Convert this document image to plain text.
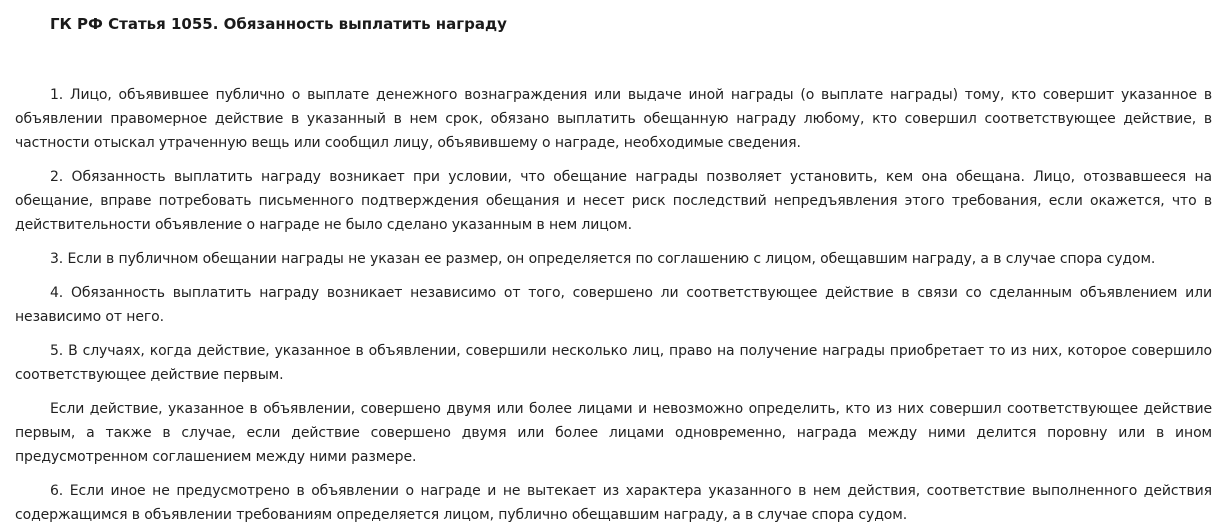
ГК РФ Статья 1055. Обязанность выплатить награду

1. Лицо, объявившее публично о выплате денежного вознаграждения или выдаче иной награды (о выплате награды) тому, кто совершит указанное в объявлении правомерное действие в указанный в нем срок, обязано выплатить обещанную награду любому, кто совершил соответствующее действие, в частности отыскал утраченную вещь или сообщил лицу, объявившему о награде, необходимые сведения.

2. Обязанность выплатить награду возникает при условии, что обещание награды позволяет установить, кем она обещана. Лицо, отозвавшееся на обещание, вправе потребовать письменного подтверждения обещания и несет риск последствий непредъявления этого требования, если окажется, что в действительности объявление о награде не было сделано указанным в нем лицом.

3. Если в публичном обещании награды не указан ее размер, он определяется по соглашению с лицом, обещавшим награду, а в случае спора судом.

4. Обязанность выплатить награду возникает независимо от того, совершено ли соответствующее действие в связи со сделанным объявлением или независимо от него.

5. В случаях, когда действие, указанное в объявлении, совершили несколько лиц, право на получение награды приобретает то из них, которое совершило соответствующее действие первым.

Если действие, указанное в объявлении, совершено двумя или более лицами и невозможно определить, кто из них совершил соответствующее действие первым, а также в случае, если действие совершено двумя или более лицами одновременно, награда между ними делится поровну или в ином предусмотренном соглашением между ними размере.

6. Если иное не предусмотрено в объявлении о награде и не вытекает из характера указанного в нем действия, соответствие выполненного действия содержащимся в объявлении требованиям определяется лицом, публично обещавшим награду, а в случае спора судом.
